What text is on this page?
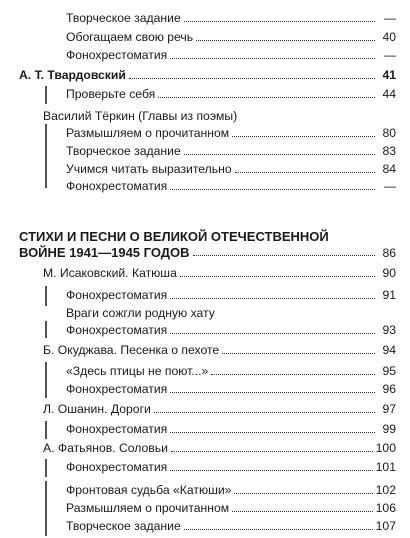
Творческое задание	—
Обогащаем свою речь	40
Фонохрестоматия	—
А. Т. Твардовский	41
Проверьте себя	44
Василий Тёркин (Главы из поэмы)
Размышляем о прочитанном	80
Творческое задание	83
Учимся читать выразительно	84
Фонохрестоматия	—
СТИХИ И ПЕСНИ О ВЕЛИКОЙ ОТЕЧЕСТВЕННОЙ
ВОЙНЕ 1941—1945 ГОДОВ	86
М. Исаковский. Катюша	90
Фонохрестоматия	91
Враги сожгли родную хату
Фонохрестоматия	93
Б. Окуджава. Песенка о пехоте	94
«Здесь птицы не поют...»	95
Фонохрестоматия	96
Л. Ошанин. Дороги	97
Фонохрестоматия	99
А. Фатьянов. Соловьи	100
Фонохрестоматия	101
Фронтовая судьба «Катюши»	102
Размышляем о прочитанном	106
Творческое задание	107
